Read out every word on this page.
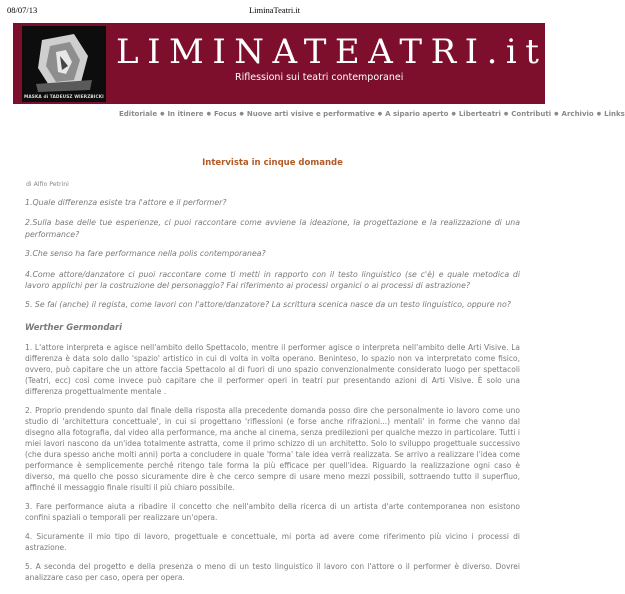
08/07/13	LiminaTeatri.it
MASKA di TADEUSZ WIERZBICKI
LIMINATEATRI.it
Riflessioni sui teatri contemporanei
Editoriale ● In itinere ● Focus ● Nuove arti visive e performative ● A sipario aperto ● Liberteatri ● Contributi ● Archivio ● Links
Intervista in cinque domande
di Alfio Petrini

1.Quale differenza esiste tra l'attore e il performer?

2.Sulla base delle tue esperienze, ci puoi raccontare come avviene la ideazione, la progettazione e la realizzazione di una performance?

3.Che senso ha fare performance nella polis contemporanea?

4.Come attore/danzatore ci puoi raccontare come ti metti in rapporto con il testo linguistico (se c'è) e quale metodica di lavoro applichi per la costruzione del personaggio? Fai riferimento ai processi organici o ai processi di astrazione?

5. Se fai (anche) il regista, come lavori con l'attore/danzatore? La scrittura scenica nasce da un testo linguistico, oppure no?

Werther Germondari

1. L'attore interpreta e agisce nell'ambito dello Spettacolo, mentre il performer agisce o interpreta nell'ambito delle Arti Visive. La differenza è data solo dallo 'spazio' artistico in cui di volta in volta operano. Beninteso, lo spazio non va interpretato come fisico, ovvero, può capitare che un attore faccia Spettacolo al di fuori di uno spazio convenzionalmente considerato luogo per spettacoli (Teatri, ecc) così come invece può capitare che il performer operi in teatri pur presentando azioni di Arti Visive. È solo una differenza progettualmente mentale .

2. Proprio prendendo spunto dal finale della risposta alla precedente domanda posso dire che personalmente io lavoro come uno studio di 'architettura concettuale', in cui si progettano 'riflessioni (e forse anche rifrazioni...) mentali' in forme che vanno dal disegno alla fotografia, dal video alla performance, ma anche al cinema, senza predilezioni per qualche mezzo in particolare. Tutti i miei lavori nascono da un'idea totalmente astratta, come il primo schizzo di un architetto. Solo lo sviluppo progettuale successivo (che dura spesso anche molti anni) porta a concludere in quale 'forma' tale idea verrà realizzata. Se arrivo a realizzare l'idea come performance è semplicemente perché ritengo tale forma la più efficace per quell'idea. Riguardo la realizzazione ogni caso è diverso, ma quello che posso sicuramente dire è che cerco sempre di usare meno mezzi possibili, sottraendo tutto il superfluo, affinché il messaggio finale risulti il più chiaro possibile.

3. Fare performance aiuta a ribadire il concetto che nell'ambito della ricerca di un artista d'arte contemporanea non esistono confini spaziali o temporali per realizzare un'opera.

4. Sicuramente il mio tipo di lavoro, progettuale e concettuale, mi porta ad avere come riferimento più vicino i processi di astrazione.

5. A seconda del progetto e della presenza o meno di un testo linguistico il lavoro con l'attore o il performer è diverso. Dovrei analizzare caso per caso, opera per opera.
